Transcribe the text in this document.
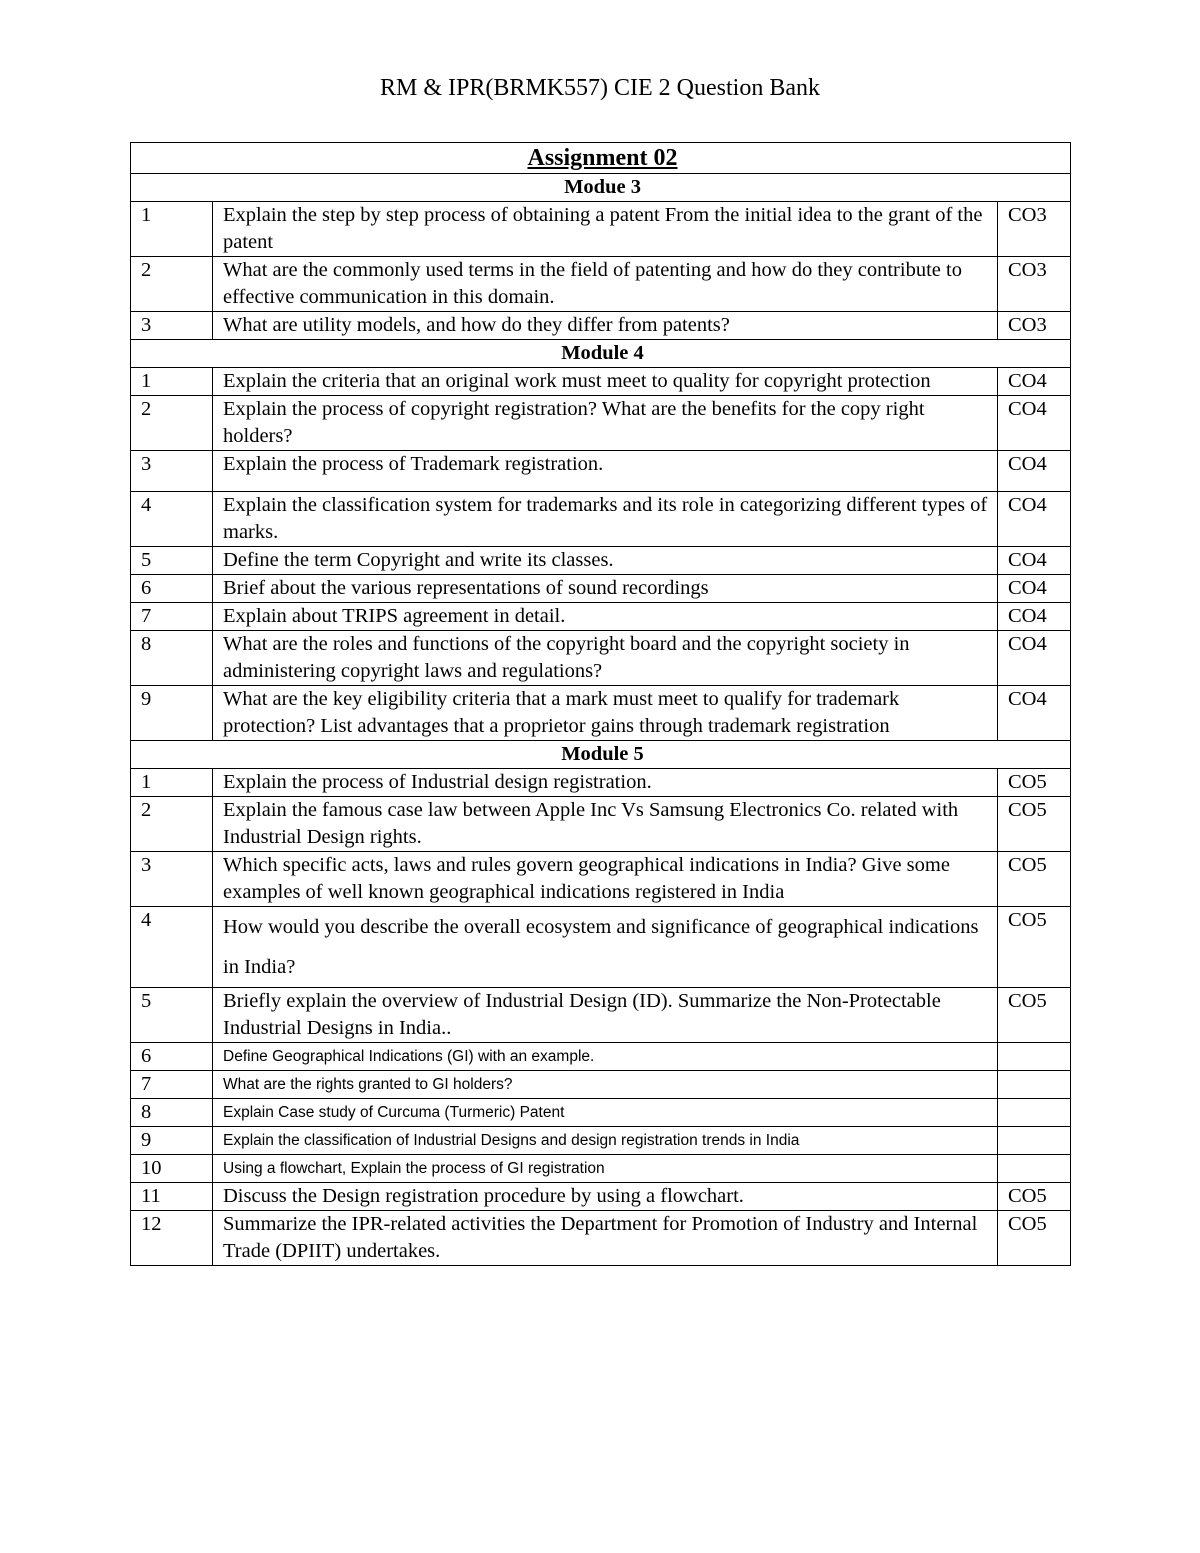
RM & IPR(BRMK557) CIE 2 Question Bank
Assignment 02		
Modue 3		
1	Explain the step by step process of obtaining a patent From the initial idea to the grant of the patent	CO3
2	What are the commonly used terms in the field of patenting and how do they contribute to effective communication in this domain.	CO3
3	What are utility models, and how do they differ from patents?	CO3
Module 4		
1	Explain the criteria that an original work must meet to quality for copyright protection	CO4
2	Explain the process of copyright registration? What are the benefits for the copy right holders?	CO4
3	Explain the process of Trademark registration.	CO4
4	Explain the classification system for trademarks and its role in categorizing different types of marks.	CO4
5	Define the term Copyright and write its classes.	CO4
6	Brief about the various representations of sound recordings	CO4
7	Explain about TRIPS agreement in detail.	CO4
8	What are the roles and functions of the copyright board and the copyright society in administering copyright laws and regulations?	CO4
9	What are the key eligibility criteria that a mark must meet to qualify for trademark protection? List advantages that a proprietor gains through trademark registration	CO4
Module 5		
1	Explain the process of Industrial design registration.	CO5
2	Explain the famous case law between Apple Inc Vs Samsung Electronics Co. related with Industrial Design rights.	CO5
3	Which specific acts, laws and rules govern geographical indications in India? Give some examples of well known geographical indications registered in India	CO5
4	How would you describe the overall ecosystem and significance of geographical indications in India?	CO5
5	Briefly explain the overview of Industrial Design (ID). Summarize the Non-Protectable Industrial Designs in India..	CO5
6	Define Geographical Indications (GI) with an example.	
7	What are the rights granted to GI holders?	
8	Explain Case study of Curcuma (Turmeric) Patent	
9	Explain the classification of Industrial Designs and design registration trends in India	
10	Using a flowchart, Explain the process of GI registration	
11	Discuss the Design registration procedure by using a flowchart.	CO5
12	Summarize the IPR-related activities the Department for Promotion of Industry and Internal Trade (DPIIT) undertakes.	CO5
